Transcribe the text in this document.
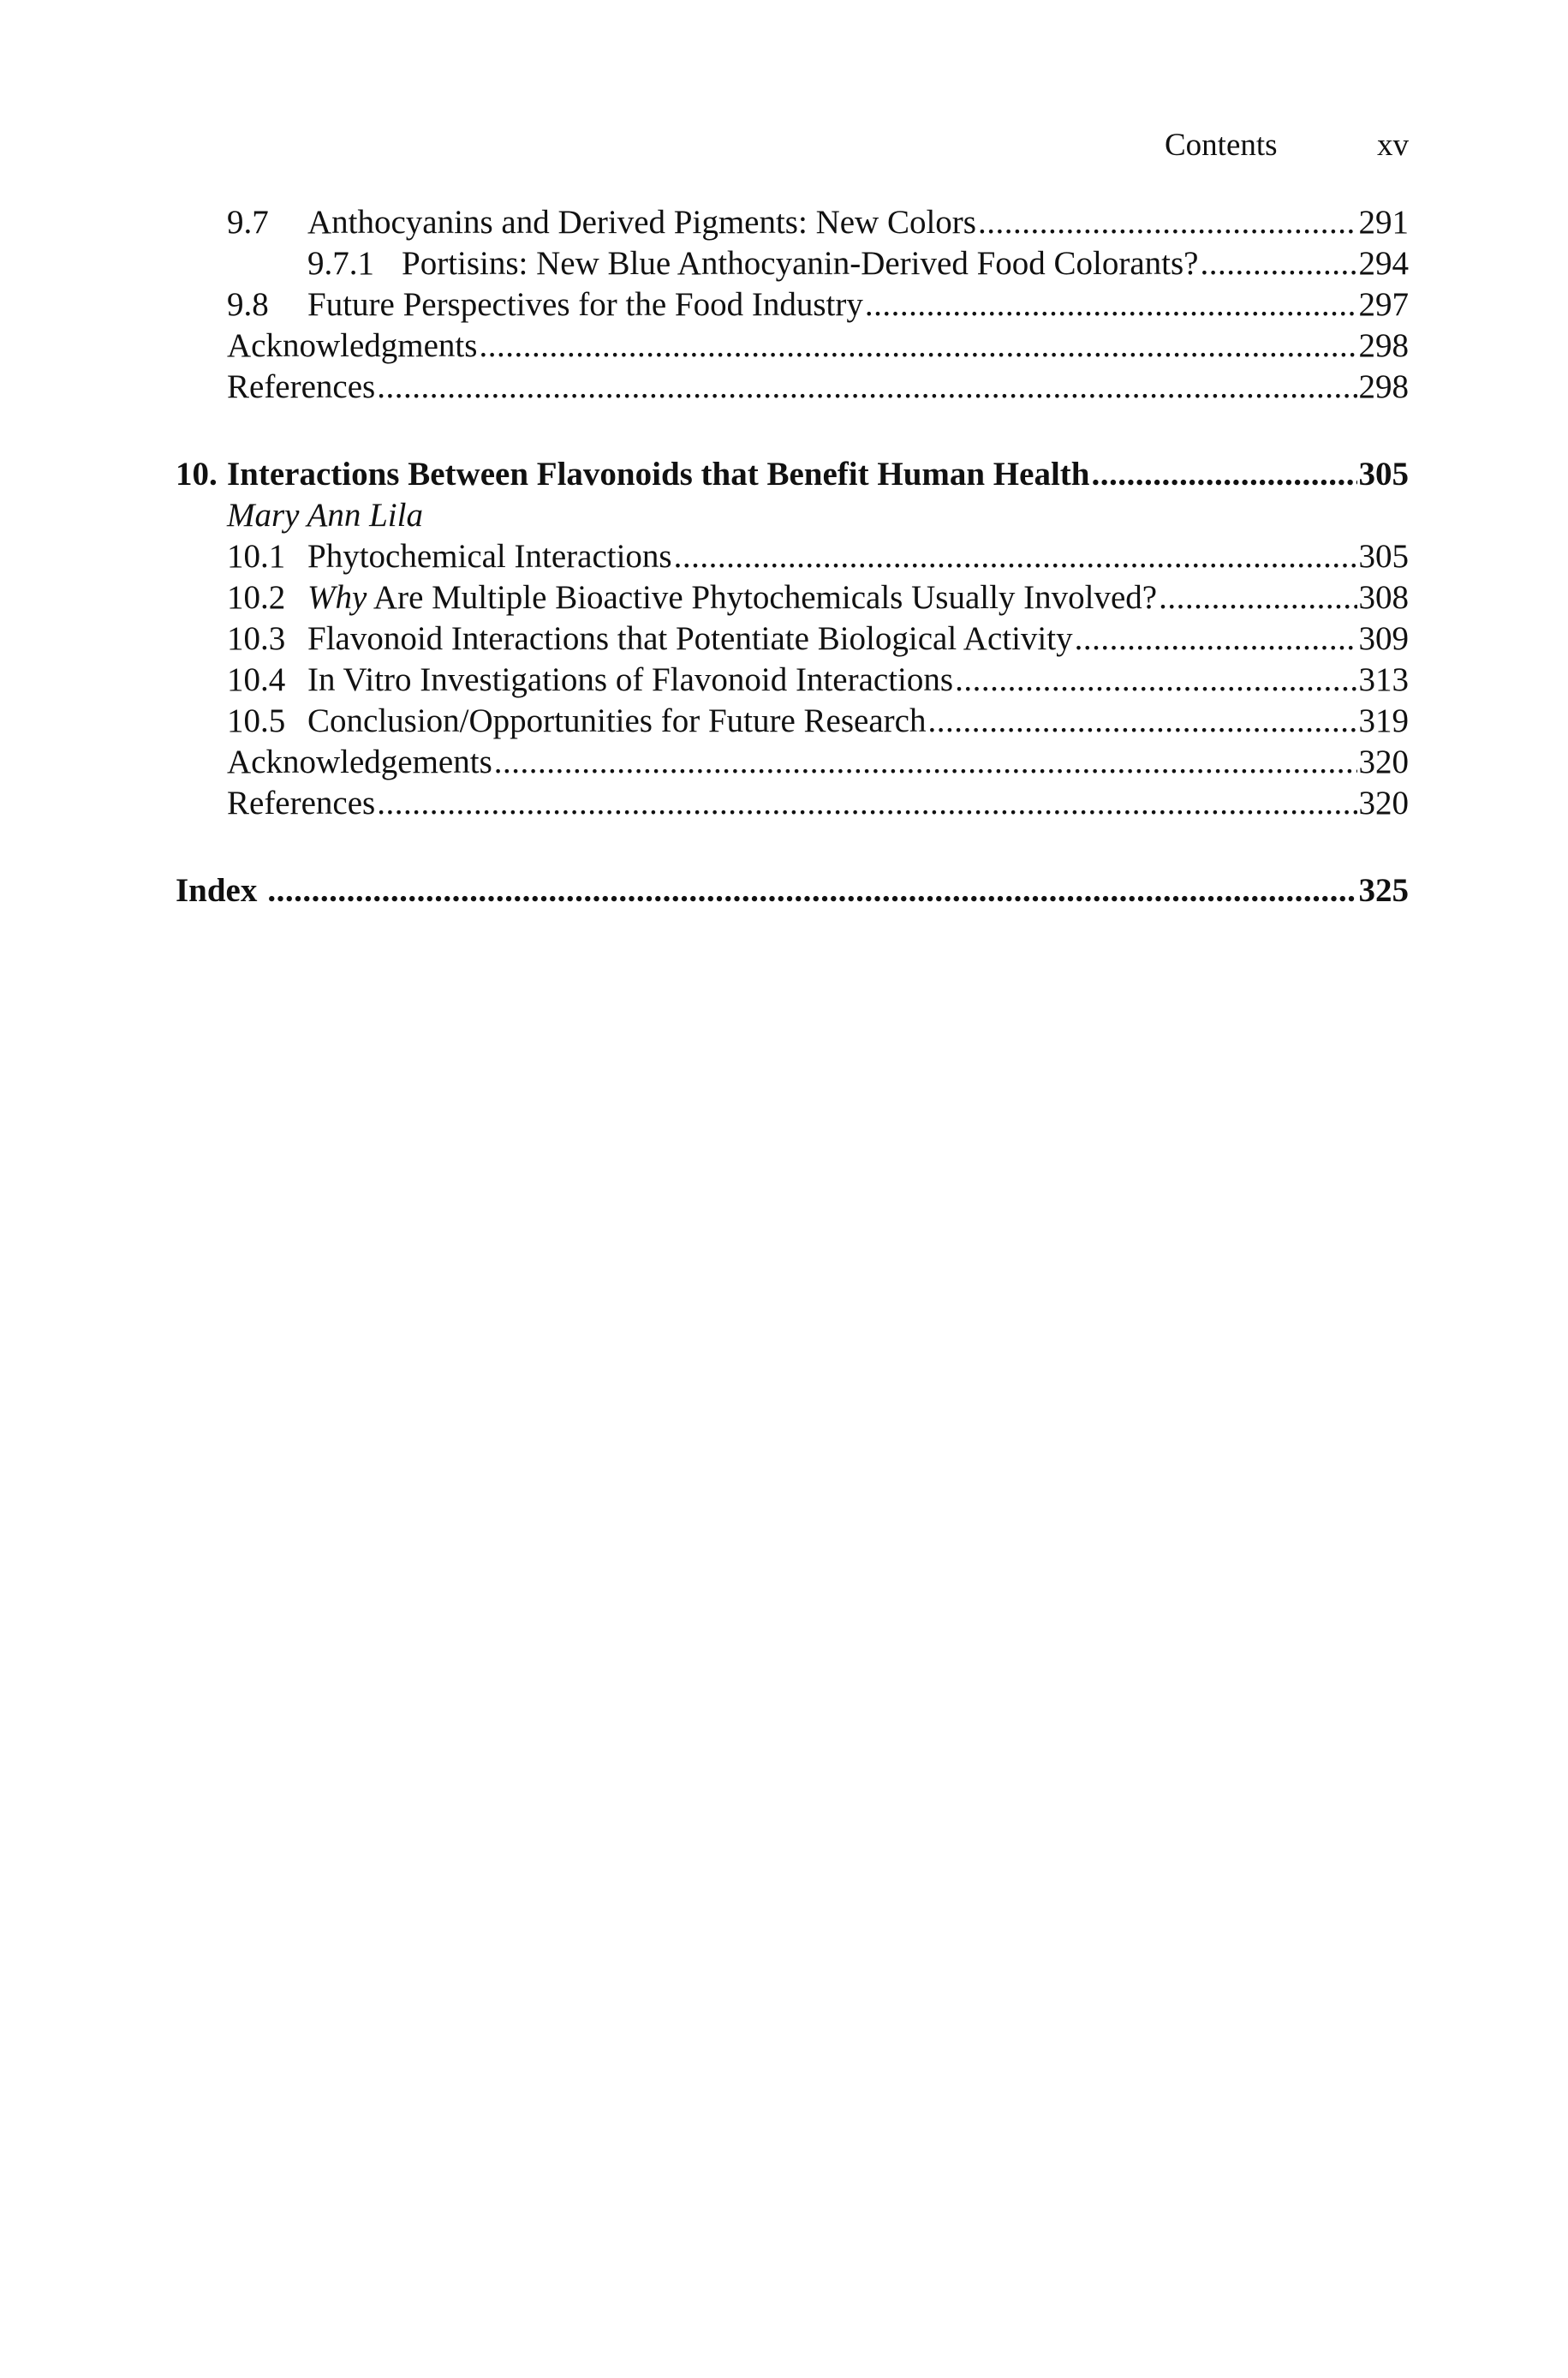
Contents	xv
9.7	Anthocyanins and Derived Pigments: New Colors .....	291
9.7.1 Portisins: New Blue Anthocyanin-Derived Food Colorants? .....	294
9.8	Future Perspectives for the Food Industry .....	297
Acknowledgments .....	298
References .....	298
10. Interactions Between Flavonoids that Benefit Human Health .....	305
Mary Ann Lila
10.1 Phytochemical Interactions .....	305
10.2 Why Are Multiple Bioactive Phytochemicals Usually Involved? .....	308
10.3 Flavonoid Interactions that Potentiate Biological Activity .....	309
10.4 In Vitro Investigations of Flavonoid Interactions .....	313
10.5 Conclusion/Opportunities for Future Research .....	319
Acknowledgements .....	320
References .....	320
Index .....	325
